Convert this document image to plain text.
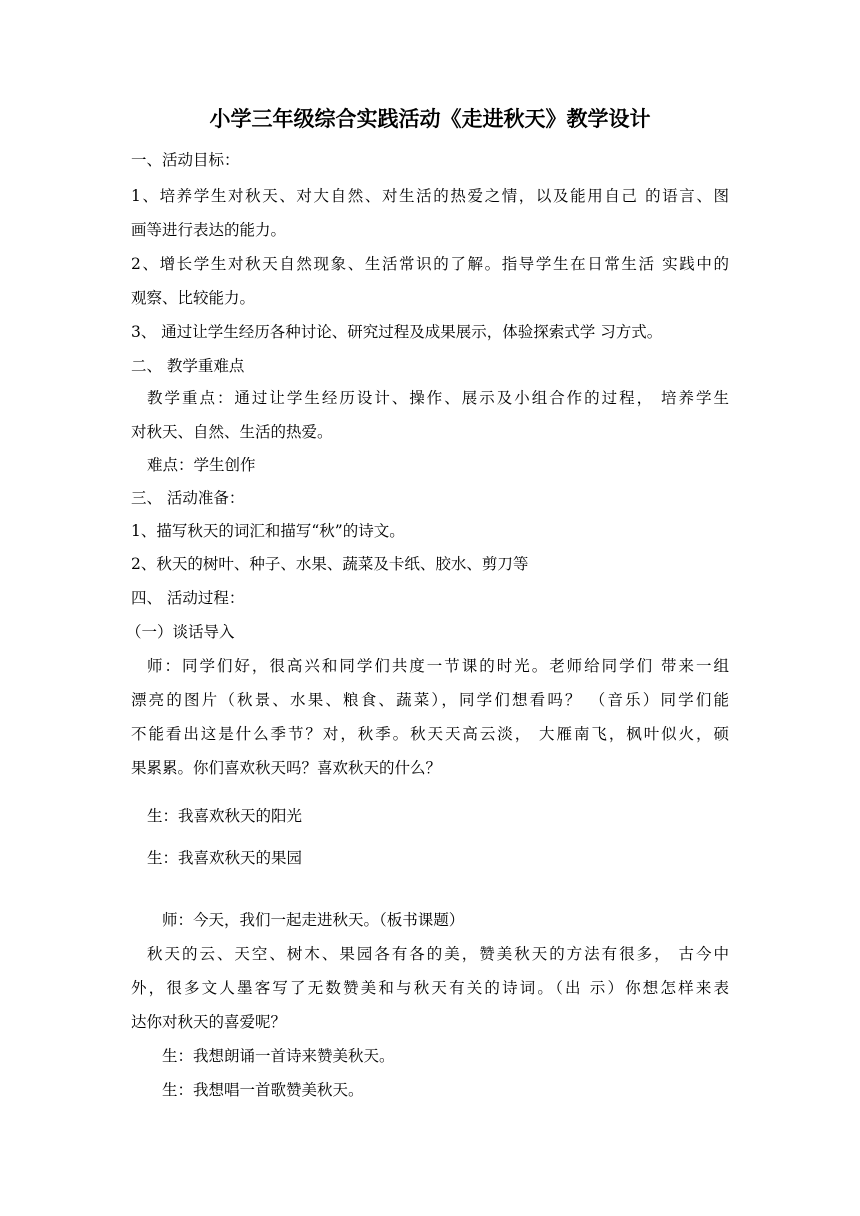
小学三年级综合实践活动《走进秋天》教学设计
一、活动目标：
1、培养学生对秋天、对大自然、对生活的热爱之情，以及能用自己 的语言、图
画等进行表达的能力。
2、增长学生对秋天自然现象、生活常识的了解。指导学生在日常生活 实践中的
观察、比较能力。
3、 通过让学生经历各种讨论、研究过程及成果展示，体验探索式学 习方式。
二、 教学重难点
教学重点：通过让学生经历设计、操作、展示及小组合作的过程， 培养学生
对秋天、自然、生活的热爱。
难点：学生创作
三、 活动准备：
1、描写秋天的词汇和描写“秋”的诗文。
2、秋天的树叶、种子、水果、蔬菜及卡纸、胶水、剪刀等
四、 活动过程：
（一）谈话导入
师：同学们好，很高兴和同学们共度一节课的时光。老师给同学们 带来一组
漂亮的图片（秋景、水果、粮食、蔬菜），同学们想看吗？ （音乐）同学们能
不能看出这是什么季节？对，秋季。秋天天高云淡， 大雁南飞，枫叶似火，硕
果累累。你们喜欢秋天吗？喜欢秋天的什么？
生：我喜欢秋天的阳光
生：我喜欢秋天的果园
师：今天，我们一起走进秋天。（板书课题）
秋天的云、天空、树木、果园各有各的美，赞美秋天的方法有很多， 古今中
外，很多文人墨客写了无数赞美和与秋天有关的诗词。（出 示）你想怎样来表
达你对秋天的喜爱呢？
生：我想朗诵一首诗来赞美秋天。
生：我想唱一首歌赞美秋天。
